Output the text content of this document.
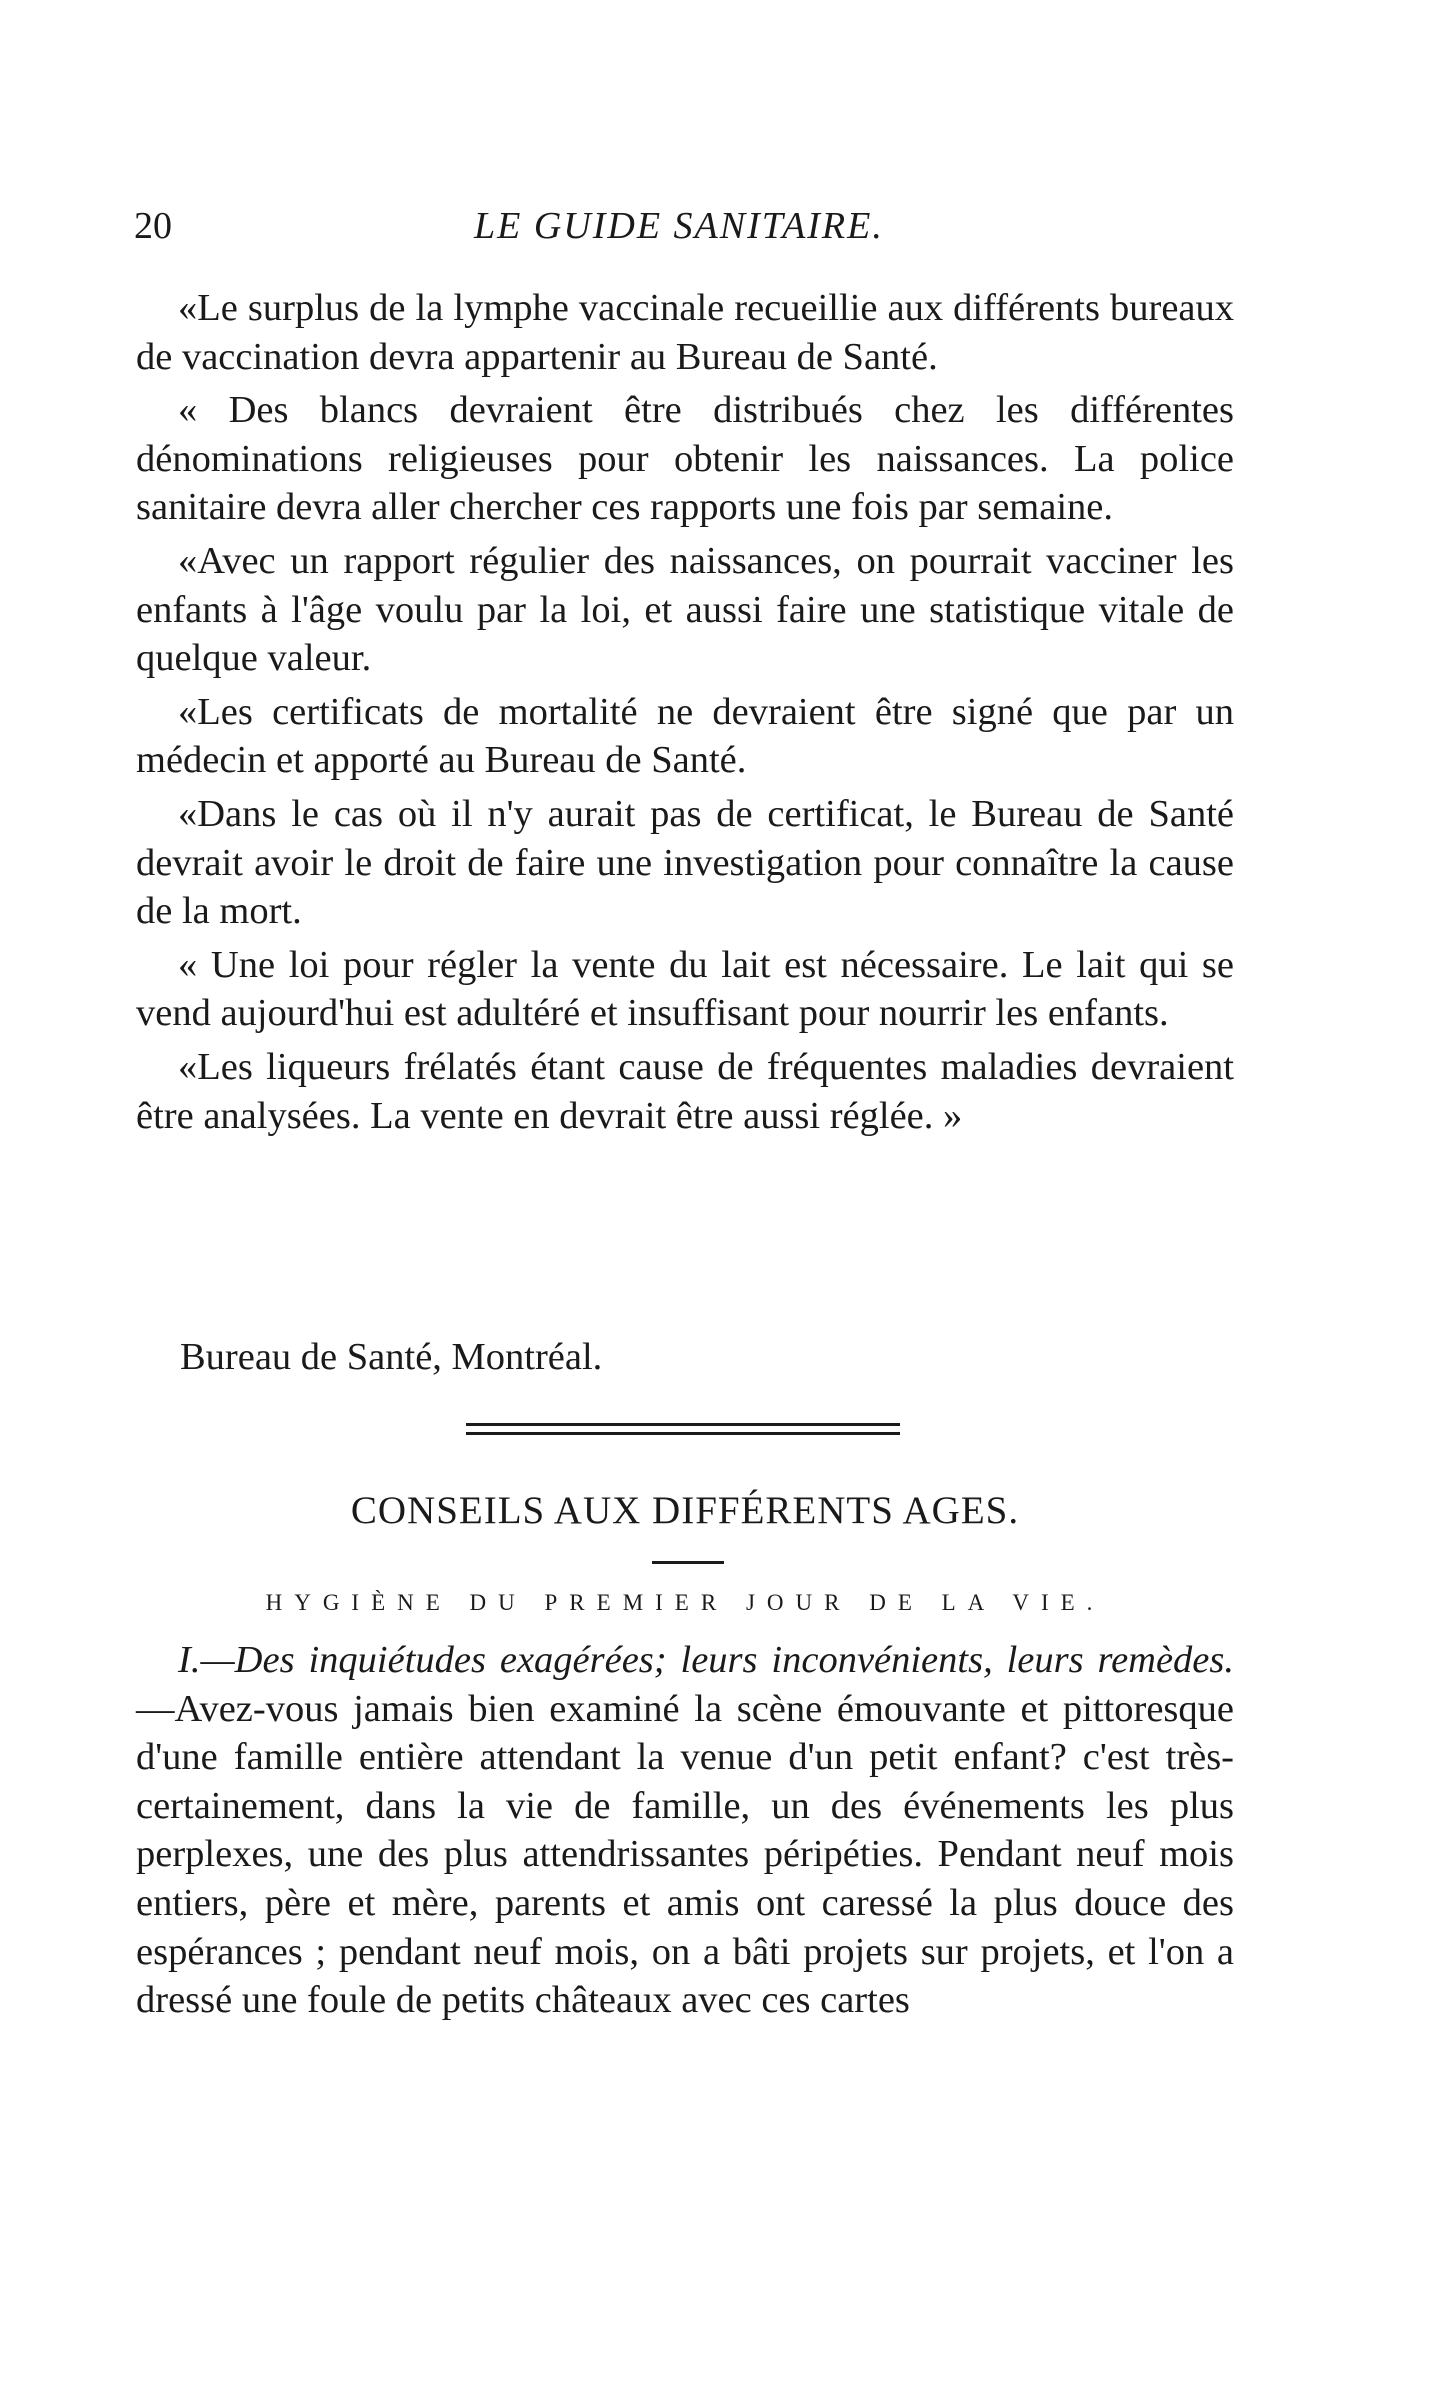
20	LE GUIDE SANITAIRE.

«Le surplus de la lymphe vaccinale recueillie aux différents bureaux de vaccination devra appartenir au Bureau de Santé.

« Des blancs devraient être distribués chez les différentes dénominations religieuses pour obtenir les naissances. La police sanitaire devra aller chercher ces rapports une fois par semaine.

«Avec un rapport régulier des naissances, on pourrait vacciner les enfants à l'âge voulu par la loi, et aussi faire une statistique vitale de quelque valeur.

«Les certificats de mortalité ne devraient être signé que par un médecin et apporté au Bureau de Santé.

«Dans le cas où il n'y aurait pas de certificat, le Bureau de Santé devrait avoir le droit de faire une investigation pour connaître la cause de la mort.

« Une loi pour régler la vente du lait est nécessaire. Le lait qui se vend aujourd'hui est adultéré et insuffisant pour nourrir les enfants.

«Les liqueurs frélatés étant cause de fréquentes maladies devraient être analysées. La vente en devrait être aussi réglée. »

Bureau de Santé, Montréal.
CONSEILS AUX DIFFÉRENTS AGES.
HYGIÈNE DU PREMIER JOUR DE LA VIE.

I.—Des inquiétudes exagérées; leurs inconvénients, leurs remèdes.—Avez-vous jamais bien examiné la scène émouvante et pittoresque d'une famille entière attendant la venue d'un petit enfant? c'est très-certainement, dans la vie de famille, un des événements les plus perplexes, une des plus attendrissantes péripéties. Pendant neuf mois entiers, père et mère, parents et amis ont caressé la plus douce des espérances ; pendant neuf mois, on a bâti projets sur projets, et l'on a dressé une foule de petits châteaux avec ces cartes
